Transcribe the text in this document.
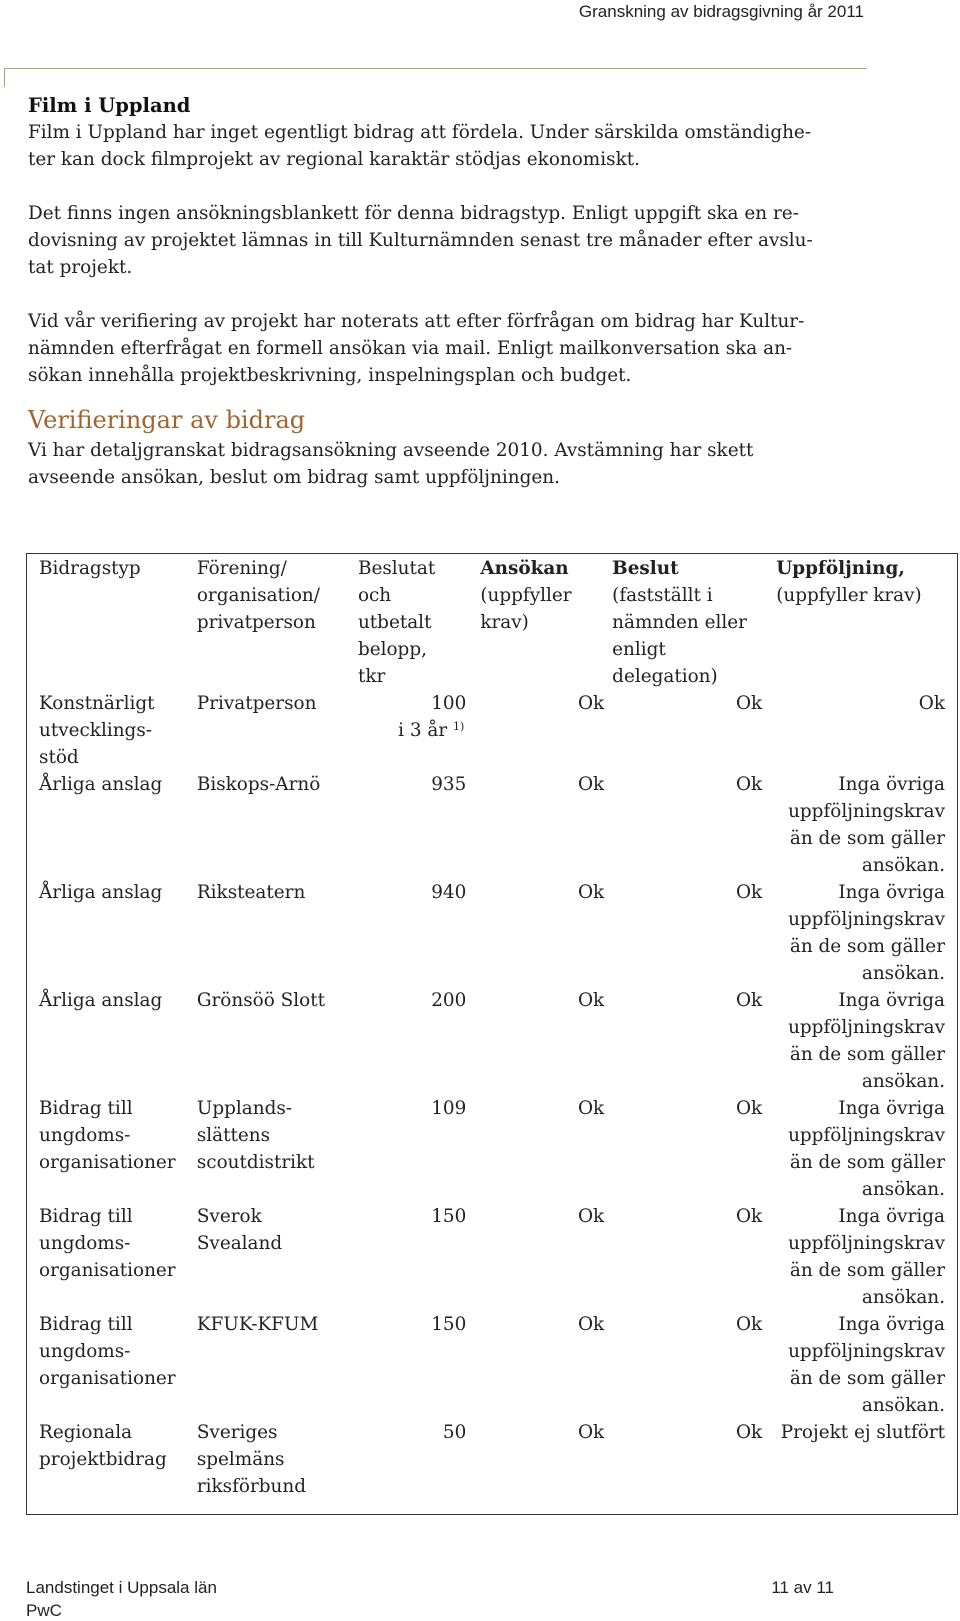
Granskning av bidragsgivning år 2011

Film i Uppland

Film i Uppland har inget egentligt bidrag att fördela. Under särskilda omständighe-
ter kan dock filmprojekt av regional karaktär stödjas ekonomiskt.

Det finns ingen ansökningsblankett för denna bidragstyp. Enligt uppgift ska en re-
dovisning av projektet lämnas in till Kulturnämnden senast tre månader efter avslu-
tat projekt.

Vid vår verifiering av projekt har noterats att efter förfrågan om bidrag har Kultur-
nämnden efterfrågat en formell ansökan via mail. Enligt mailkonversation ska an-
sökan innehålla projektbeskrivning, inspelningsplan och budget.

Verifieringar av bidrag

Vi har detaljgranskat bidragsansökning avseende 2010. Avstämning har skett
avseende ansökan, beslut om bidrag samt uppföljningen.

Bidragstyp	Förening/
organisation/
privatperson	Beslutat
och
utbetalt
belopp,
tkr	Ansökan
(uppfyller
krav)	Beslut
(fastställt i
nämnden eller
enligt
delegation)	Uppföljning,
(uppfyller krav)
Konstnärligt
utvecklings-
stöd	Privatperson	100
i 3 år $^{1)}$	Ok	Ok	Ok
Årliga anslag	Biskops-Arnö	935	Ok	Ok	Inga övriga
uppföljningskrav
än de som gäller
ansökan.
Årliga anslag	Riksteatern	940	Ok	Ok	Inga övriga
uppföljningskrav
än de som gäller
ansökan.
Årliga anslag	Grönsöö Slott	200	Ok	Ok	Inga övriga
uppföljningskrav
än de som gäller
ansökan.
Bidrag till
ungdoms-
organisationer	Upplands-
slättens
scoutdistrikt	109	Ok	Ok	Inga övriga
uppföljningskrav
än de som gäller
ansökan.
Bidrag till
ungdoms-
organisationer	Sverok
Svealand	150	Ok	Ok	Inga övriga
uppföljningskrav
än de som gäller
ansökan.
Bidrag till
ungdoms-
organisationer	KFUK-KFUM	150	Ok	Ok	Inga övriga
uppföljningskrav
än de som gäller
ansökan.
Regionala
projektbidrag	Sveriges
spelmäns
riksförbund	50	Ok	Ok	Projekt ej slutfört
Landstinget i Uppsala län
PwC
11 av 11
